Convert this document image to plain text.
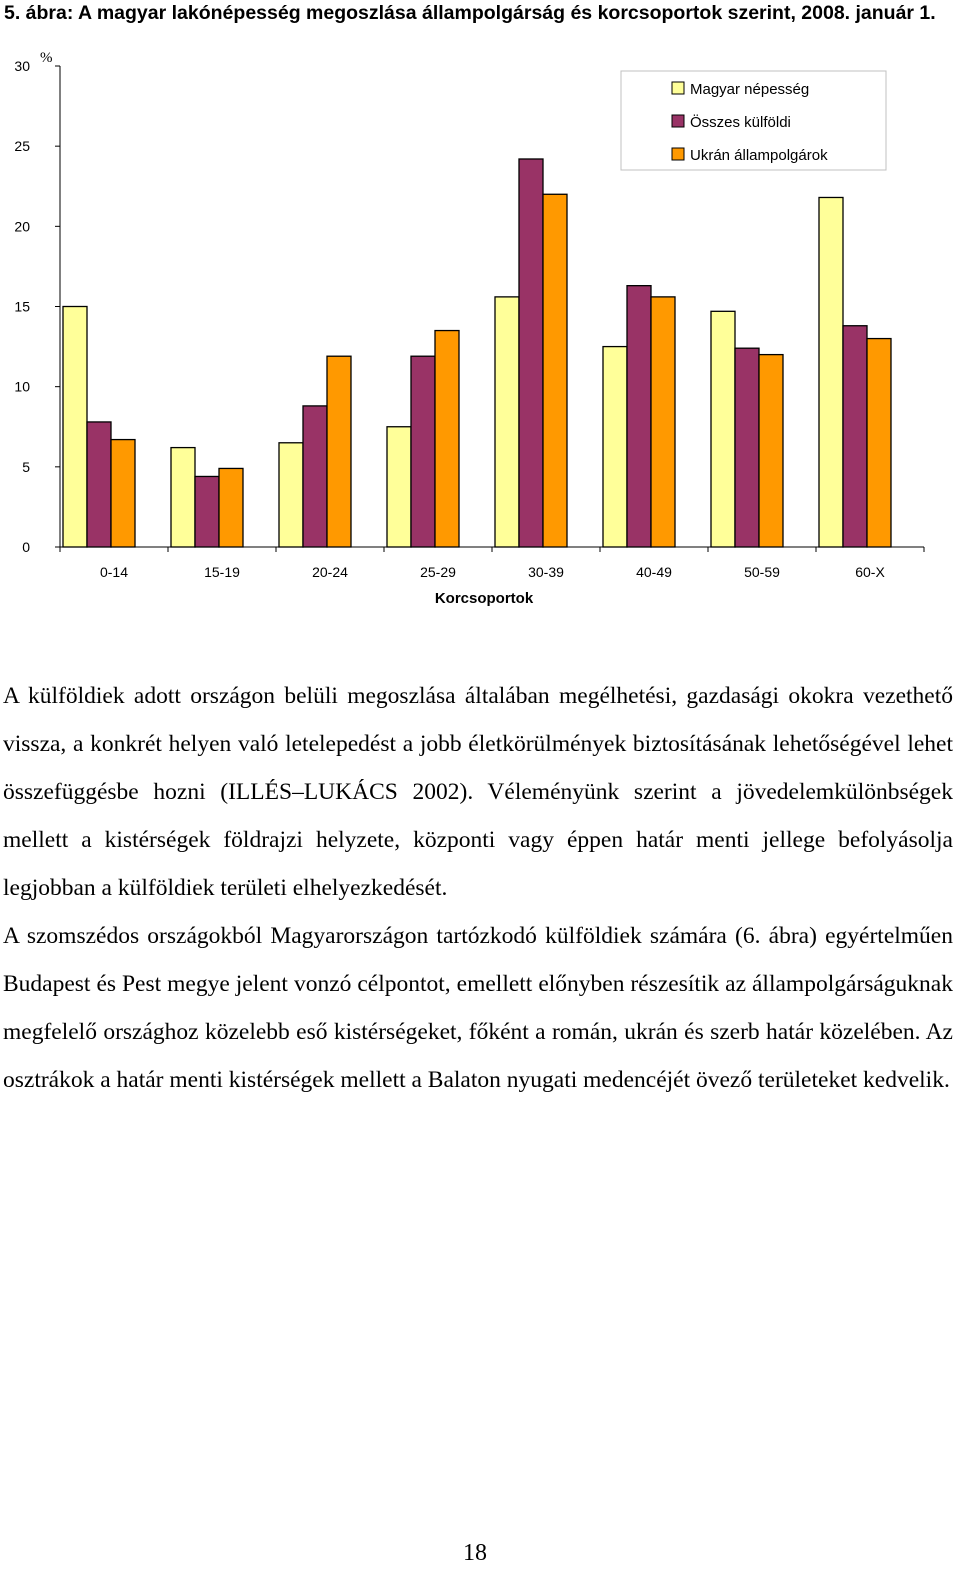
5. ábra: A magyar lakónépesség megoszlása állampolgárság és korcsoportok szerint, 2008. január 1.
0
5
10
15
20
25
30
0-14	15-19	20-24	25-29	30-39	40-49	50-59	60-X
%
Korcsoportok
Magyar népesség
Összes külföldi
Ukrán állampolgárok

A külföldiek adott országon belüli megoszlása általában megélhetési, gazdasági okokra vezethető vissza, a konkrét helyen való letelepedést a jobb életkörülmények biztosításának lehetőségével lehet összefüggésbe hozni (ILLÉS–LUKÁCS 2002). Véleményünk szerint a jövedelemkülönbségek mellett a kistérségek földrajzi helyzete, központi vagy éppen határ menti jellege befolyásolja legjobban a külföldiek területi elhelyezkedését.

A szomszédos országokból Magyarországon tartózkodó külföldiek számára (6. ábra) egyértelműen Budapest és Pest megye jelent vonzó célpontot, emellett előnyben részesítik az állampolgárságuknak megfelelő országhoz közelebb eső kistérségeket, főként a román, ukrán és szerb határ közelében. Az osztrákok a határ menti kistérségek mellett a Balaton nyugati medencéjét övező területeket kedvelik.

18
